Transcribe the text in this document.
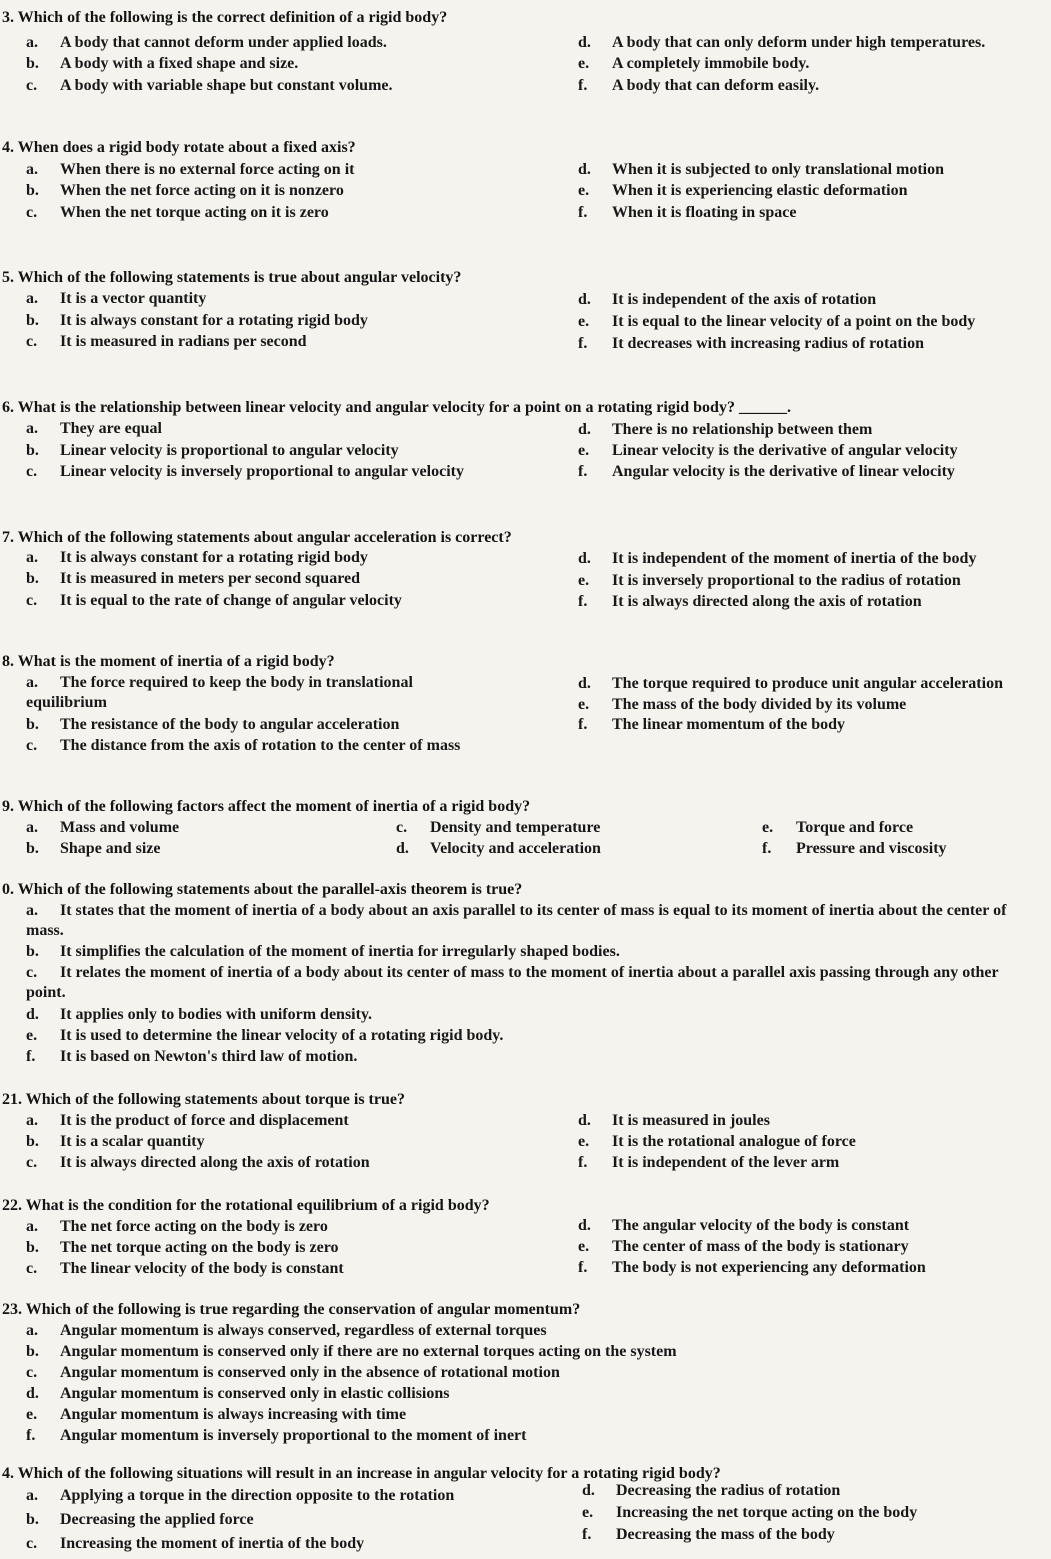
3. Which of the following is the correct definition of a rigid body?
a. A body that cannot deform under applied loads.
b. A body with a fixed shape and size.
c. A body with variable shape but constant volume.
d. A body that can only deform under high temperatures.
e. A completely immobile body.
f. A body that can deform easily.
4. When does a rigid body rotate about a fixed axis?
a. When there is no external force acting on it
b. When the net force acting on it is nonzero
c. When the net torque acting on it is zero
d. When it is subjected to only translational motion
e. When it is experiencing elastic deformation
f. When it is floating in space
5. Which of the following statements is true about angular velocity?
a. It is a vector quantity
b. It is always constant for a rotating rigid body
c. It is measured in radians per second
d. It is independent of the axis of rotation
e. It is equal to the linear velocity of a point on the body
f. It decreases with increasing radius of rotation
6. What is the relationship between linear velocity and angular velocity for a point on a rotating rigid body? ______.
a. They are equal
b. Linear velocity is proportional to angular velocity
c. Linear velocity is inversely proportional to angular velocity
d. There is no relationship between them
e. Linear velocity is the derivative of angular velocity
f. Angular velocity is the derivative of linear velocity
7. Which of the following statements about angular acceleration is correct?
a. It is always constant for a rotating rigid body
b. It is measured in meters per second squared
c. It is equal to the rate of change of angular velocity
d. It is independent of the moment of inertia of the body
e. It is inversely proportional to the radius of rotation
f. It is always directed along the axis of rotation
8. What is the moment of inertia of a rigid body?
a. The force required to keep the body in translational equilibrium
b. The resistance of the body to angular acceleration
c. The distance from the axis of rotation to the center of mass
d. The torque required to produce unit angular acceleration
e. The mass of the body divided by its volume
f. The linear momentum of the body
9. Which of the following factors affect the moment of inertia of a rigid body?
a. Mass and volume
b. Shape and size
c. Density and temperature
d. Velocity and acceleration
e. Torque and force
f. Pressure and viscosity
0. Which of the following statements about the parallel-axis theorem is true?
a. It states that the moment of inertia of a body about an axis parallel to its center of mass is equal to its moment of inertia about the center of mass.
b. It simplifies the calculation of the moment of inertia for irregularly shaped bodies.
c. It relates the moment of inertia of a body about its center of mass to the moment of inertia about a parallel axis passing through any other point.
d. It applies only to bodies with uniform density.
e. It is used to determine the linear velocity of a rotating rigid body.
f. It is based on Newton's third law of motion.
21. Which of the following statements about torque is true?
a. It is the product of force and displacement
b. It is a scalar quantity
c. It is always directed along the axis of rotation
d. It is measured in joules
e. It is the rotational analogue of force
f. It is independent of the lever arm
22. What is the condition for the rotational equilibrium of a rigid body?
a. The net force acting on the body is zero
b. The net torque acting on the body is zero
c. The linear velocity of the body is constant
d. The angular velocity of the body is constant
e. The center of mass of the body is stationary
f. The body is not experiencing any deformation
23. Which of the following is true regarding the conservation of angular momentum?
a. Angular momentum is always conserved, regardless of external torques
b. Angular momentum is conserved only if there are no external torques acting on the system
c. Angular momentum is conserved only in the absence of rotational motion
d. Angular momentum is conserved only in elastic collisions
e. Angular momentum is always increasing with time
f. Angular momentum is inversely proportional to the moment of inert
4. Which of the following situations will result in an increase in angular velocity for a rotating rigid body?
a. Applying a torque in the direction opposite to the rotation
b. Decreasing the applied force
c. Increasing the moment of inertia of the body
d. Decreasing the radius of rotation
e. Increasing the net torque acting on the body
f. Decreasing the mass of the body
